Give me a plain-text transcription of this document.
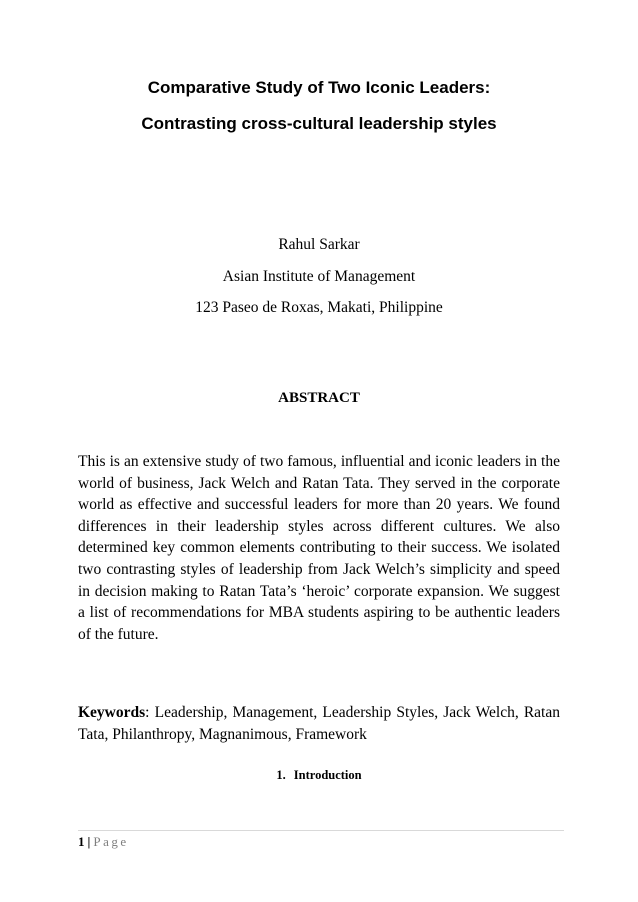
Comparative Study of Two Iconic Leaders:
Contrasting cross-cultural leadership styles
Rahul Sarkar
Asian Institute of Management
123 Paseo de Roxas, Makati, Philippine
ABSTRACT

This is an extensive study of two famous, influential and iconic leaders in the world of business, Jack Welch and Ratan Tata. They served in the corporate world as effective and successful leaders for more than 20 years. We found differences in their leadership styles across different cultures. We also determined key common elements contributing to their success. We isolated two contrasting styles of leadership from Jack Welch’s simplicity and speed in decision making to Ratan Tata’s ‘heroic’ corporate expansion. We suggest a list of recommendations for MBA students aspiring to be authentic leaders of the future.

Keywords: Leadership, Management, Leadership Styles, Jack Welch, Ratan Tata, Philanthropy, Magnanimous, Framework

1. Introduction
1 | Page
